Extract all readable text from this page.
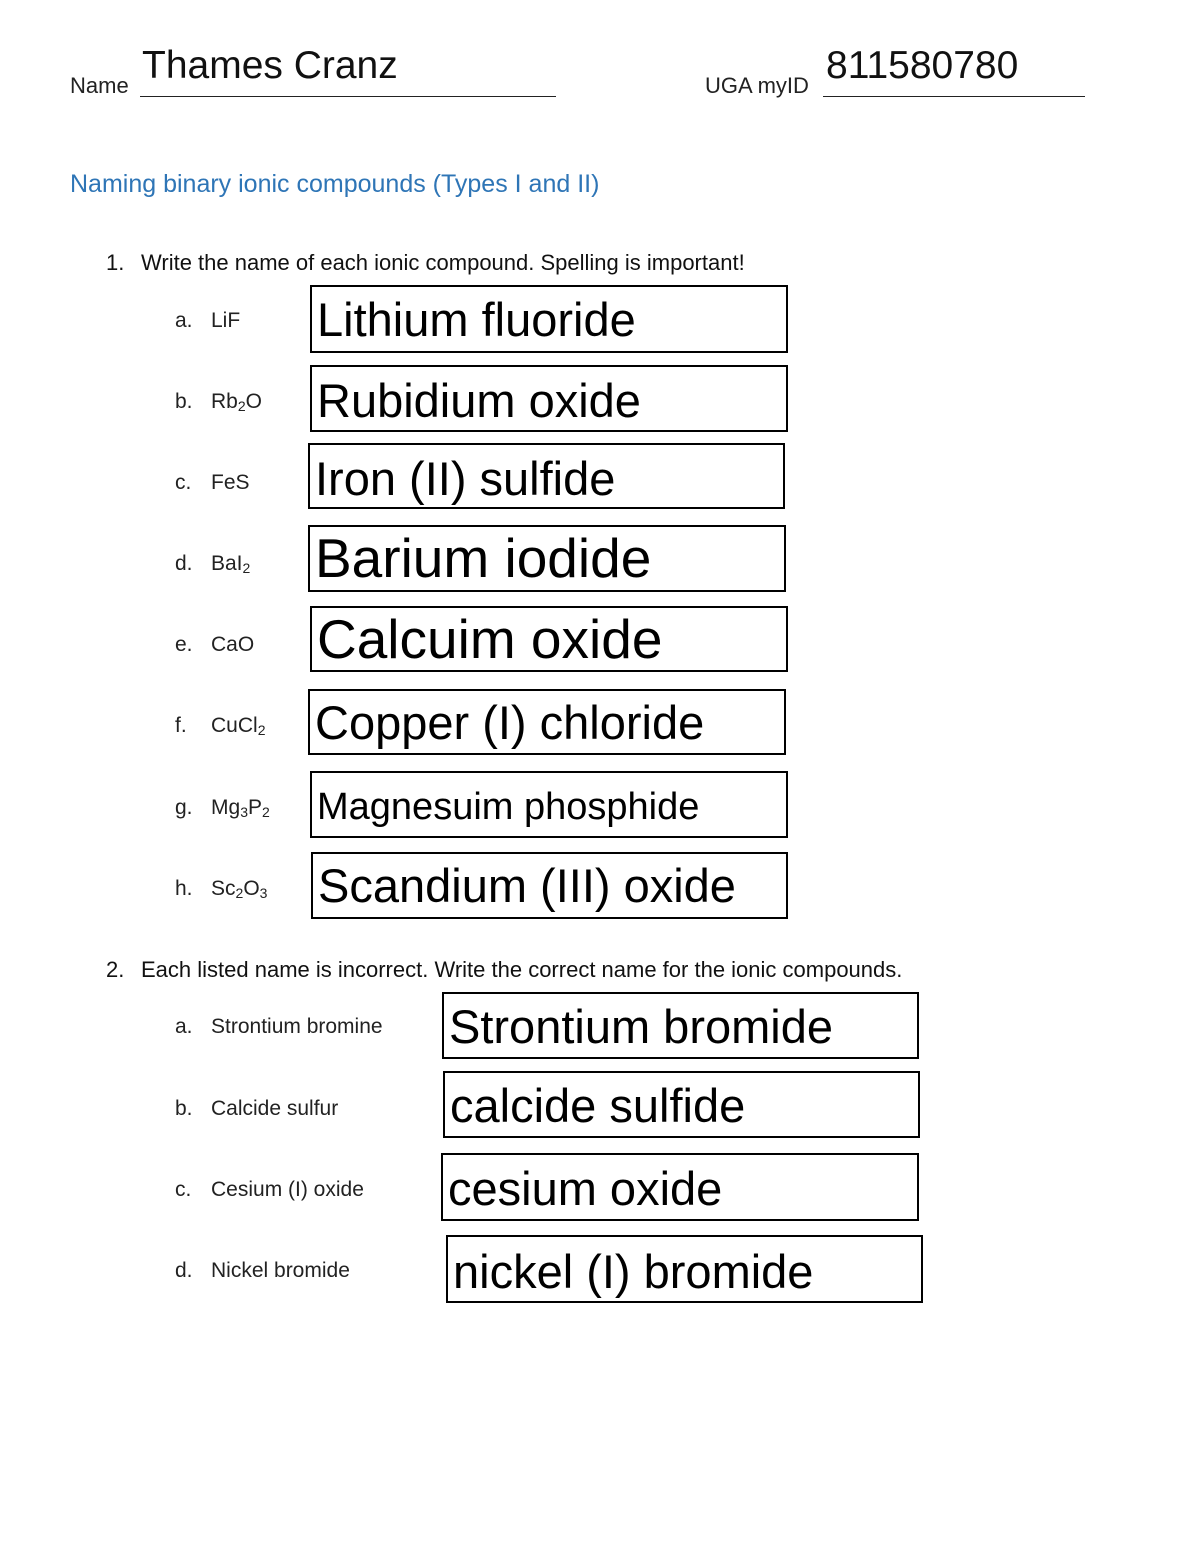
Name Thames Cranz	UGA myID 811580780
Naming binary ionic compounds (Types I and II)
1. Write the name of each ionic compound. Spelling is important!
a. LiF Lithium fluoride
b. $Rb_2O$ Rubidium oxide
c. FeS Iron (II) sulfide
d. BaI$_2$ Barium iodide
e. CaO Calcuim oxide
f. CuCl$_2$ Copper (I) chloride
g. $Mg_3P_2$ Magnesuim phosphide
h. $Sc_2O_3$ Scandium (III) oxide
2. Each listed name is incorrect. Write the correct name for the ionic compounds.
a. Strontium bromine Strontium bromide
b. Calcide sulfur calcide sulfide
c. Cesium (I) oxide cesium oxide
d. Nickel bromide nickel (I) bromide
